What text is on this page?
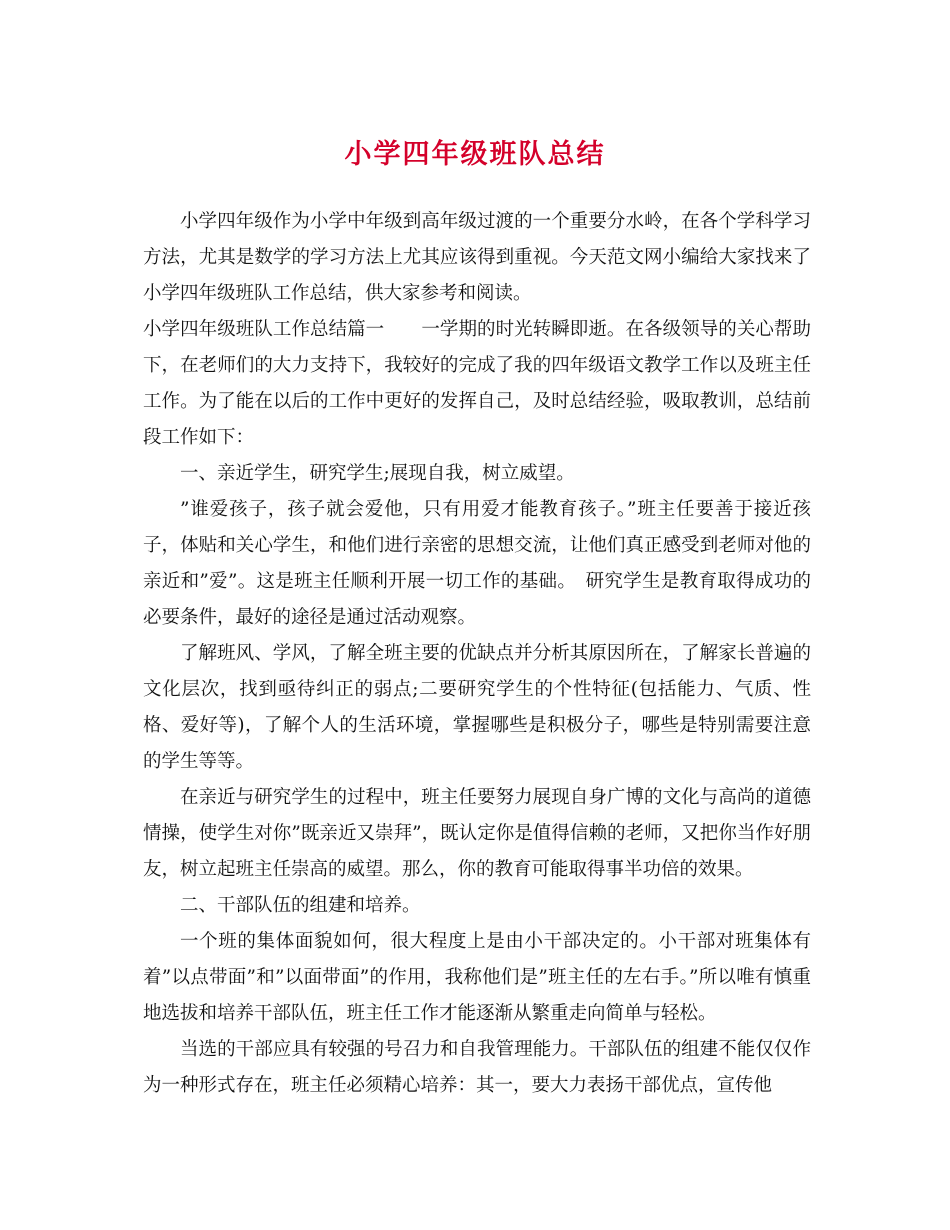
小学四年级班队总结

小学四年级作为小学中年级到高年级过渡的一个重要分水岭，在各个学科学习方法，尤其是数学的学习方法上尤其应该得到重视。今天范文网小编给大家找来了小学四年级班队工作总结，供大家参考和阅读。

小学四年级班队工作总结篇一　　一学期的时光转瞬即逝。在各级领导的关心帮助下，在老师们的大力支持下，我较好的完成了我的四年级语文教学工作以及班主任工作。为了能在以后的工作中更好的发挥自己，及时总结经验，吸取教训，总结前段工作如下：

一、亲近学生，研究学生;展现自我，树立威望。

”谁爱孩子，孩子就会爱他，只有用爱才能教育孩子。”班主任要善于接近孩子，体贴和关心学生，和他们进行亲密的思想交流，让他们真正感受到老师对他的亲近和”爱”。这是班主任顺利开展一切工作的基础。　研究学生是教育取得成功的必要条件，最好的途径是通过活动观察。

了解班风、学风，了解全班主要的优缺点并分析其原因所在，了解家长普遍的文化层次，找到亟待纠正的弱点;二要研究学生的个性特征(包括能力、气质、性格、爱好等)，了解个人的生活环境，掌握哪些是积极分子，哪些是特别需要注意的学生等等。

在亲近与研究学生的过程中，班主任要努力展现自身广博的文化与高尚的道德情操，使学生对你”既亲近又崇拜”，既认定你是值得信赖的老师，又把你当作好朋友，树立起班主任崇高的威望。那么，你的教育可能取得事半功倍的效果。

二、干部队伍的组建和培养。

一个班的集体面貌如何，很大程度上是由小干部决定的。小干部对班集体有着”以点带面”和”以面带面”的作用，我称他们是”班主任的左右手。”所以唯有慎重地选拔和培养干部队伍，班主任工作才能逐渐从繁重走向简单与轻松。

当选的干部应具有较强的号召力和自我管理能力。干部队伍的组建不能仅仅作为一种形式存在，班主任必须精心培养：其一，要大力表扬干部优点，宣传他
